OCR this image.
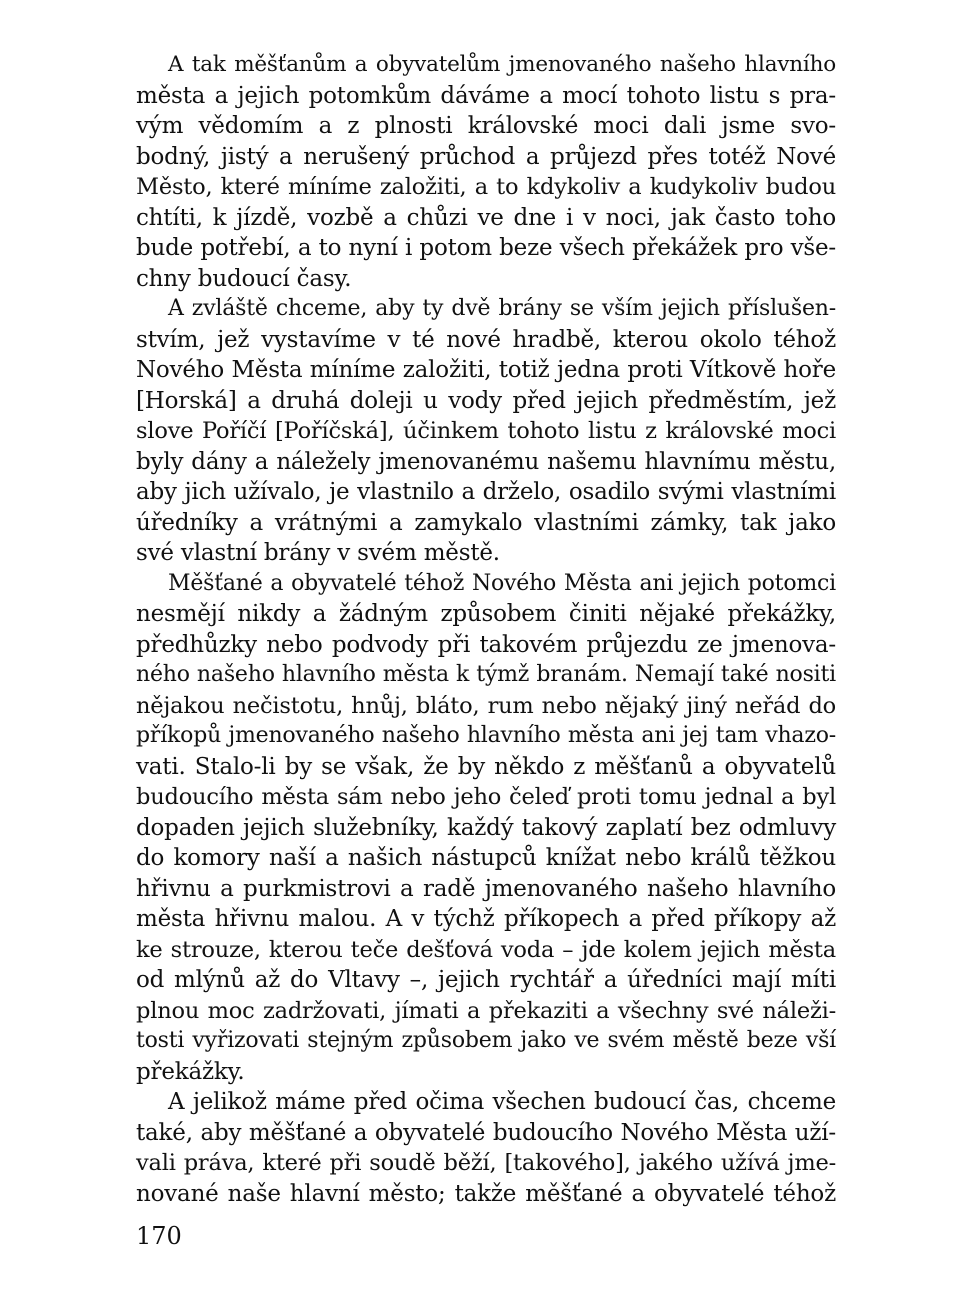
A tak měšťanům a obyvatelům jmenovaného našeho hlavního
města a jejich potomkům dáváme a mocí tohoto listu s pra-
vým vědomím a z plnosti královské moci dali jsme svo-
bodný, jistý a nerušený průchod a průjezd přes totéž Nové
Město, které míníme založiti, a to kdykoliv a kudykoliv budou
chtíti, k jízdě, vozbě a chůzi ve dne i v noci, jak často toho
bude potřebí, a to nyní i potom beze všech překážek pro vše-
chny budoucí časy.
A zvláště chceme, aby ty dvě brány se vším jejich příslušen-
stvím, jež vystavíme v té nové hradbě, kterou okolo téhož
Nového Města míníme založiti, totiž jedna proti Vítkově hoře
[Horská] a druhá doleji u vody před jejich předměstím, jež
slove Poříčí [Poříčská], účinkem tohoto listu z královské moci
byly dány a náležely jmenovanému našemu hlavnímu městu,
aby jich užívalo, je vlastnilo a drželo, osadilo svými vlastními
úředníky a vrátnými a zamykalo vlastními zámky, tak jako
své vlastní brány v svém městě.
Měšťané a obyvatelé téhož Nového Města ani jejich potomci
nesmějí nikdy a žádným způsobem činiti nějaké překážky,
předhůzky nebo podvody při takovém průjezdu ze jmenova-
ného našeho hlavního města k týmž branám. Nemají také nositi
nějakou nečistotu, hnůj, bláto, rum nebo nějaký jiný neřád do
příkopů jmenovaného našeho hlavního města ani jej tam vhazo-
vati. Stalo-li by se však, že by někdo z měšťanů a obyvatelů
budoucího města sám nebo jeho čeleď proti tomu jednal a byl
dopaden jejich služebníky, každý takový zaplatí bez odmluvy
do komory naší a našich nástupců knížat nebo králů těžkou
hřivnu a purkmistrovi a radě jmenovaného našeho hlavního
města hřivnu malou. A v týchž příkopech a před příkopy až
ke strouze, kterou teče dešťová voda – jde kolem jejich města
od mlýnů až do Vltavy –, jejich rychtář a úředníci mají míti
plnou moc zadržovati, jímati a překaziti a všechny své náleži-
tosti vyřizovati stejným způsobem jako ve svém městě beze vší
překážky.
A jelikož máme před očima všechen budoucí čas, chceme
také, aby měšťané a obyvatelé budoucího Nového Města uží-
vali práva, které při soudě běží, [takového], jakého užívá jme-
nované naše hlavní město; takže měšťané a obyvatelé téhož
170
